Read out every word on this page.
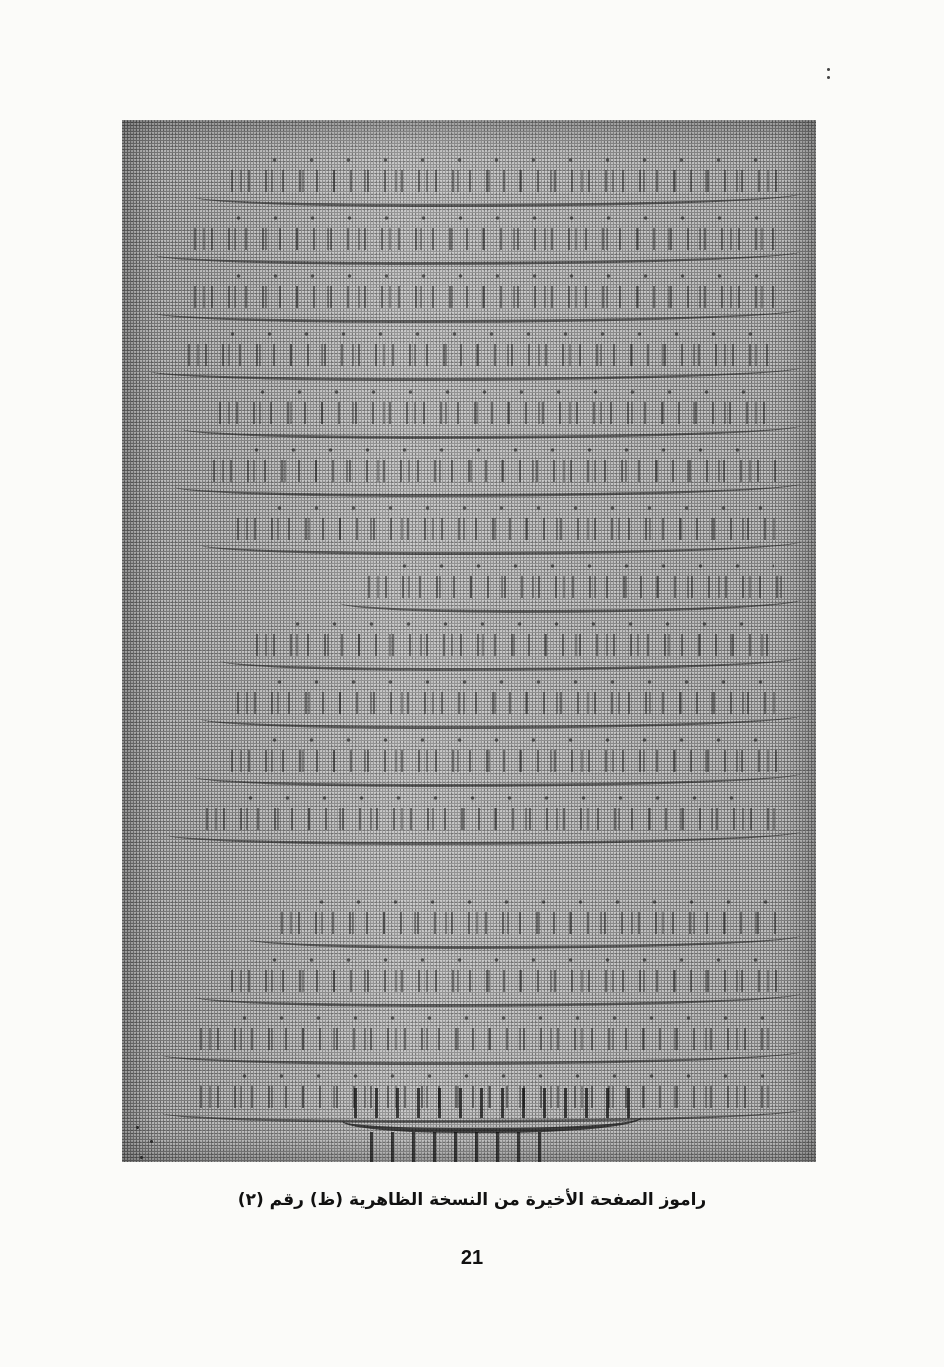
راموز الصفحة الأخيرة من النسخة الظاهرية (ظ) رقم (٢)
21
